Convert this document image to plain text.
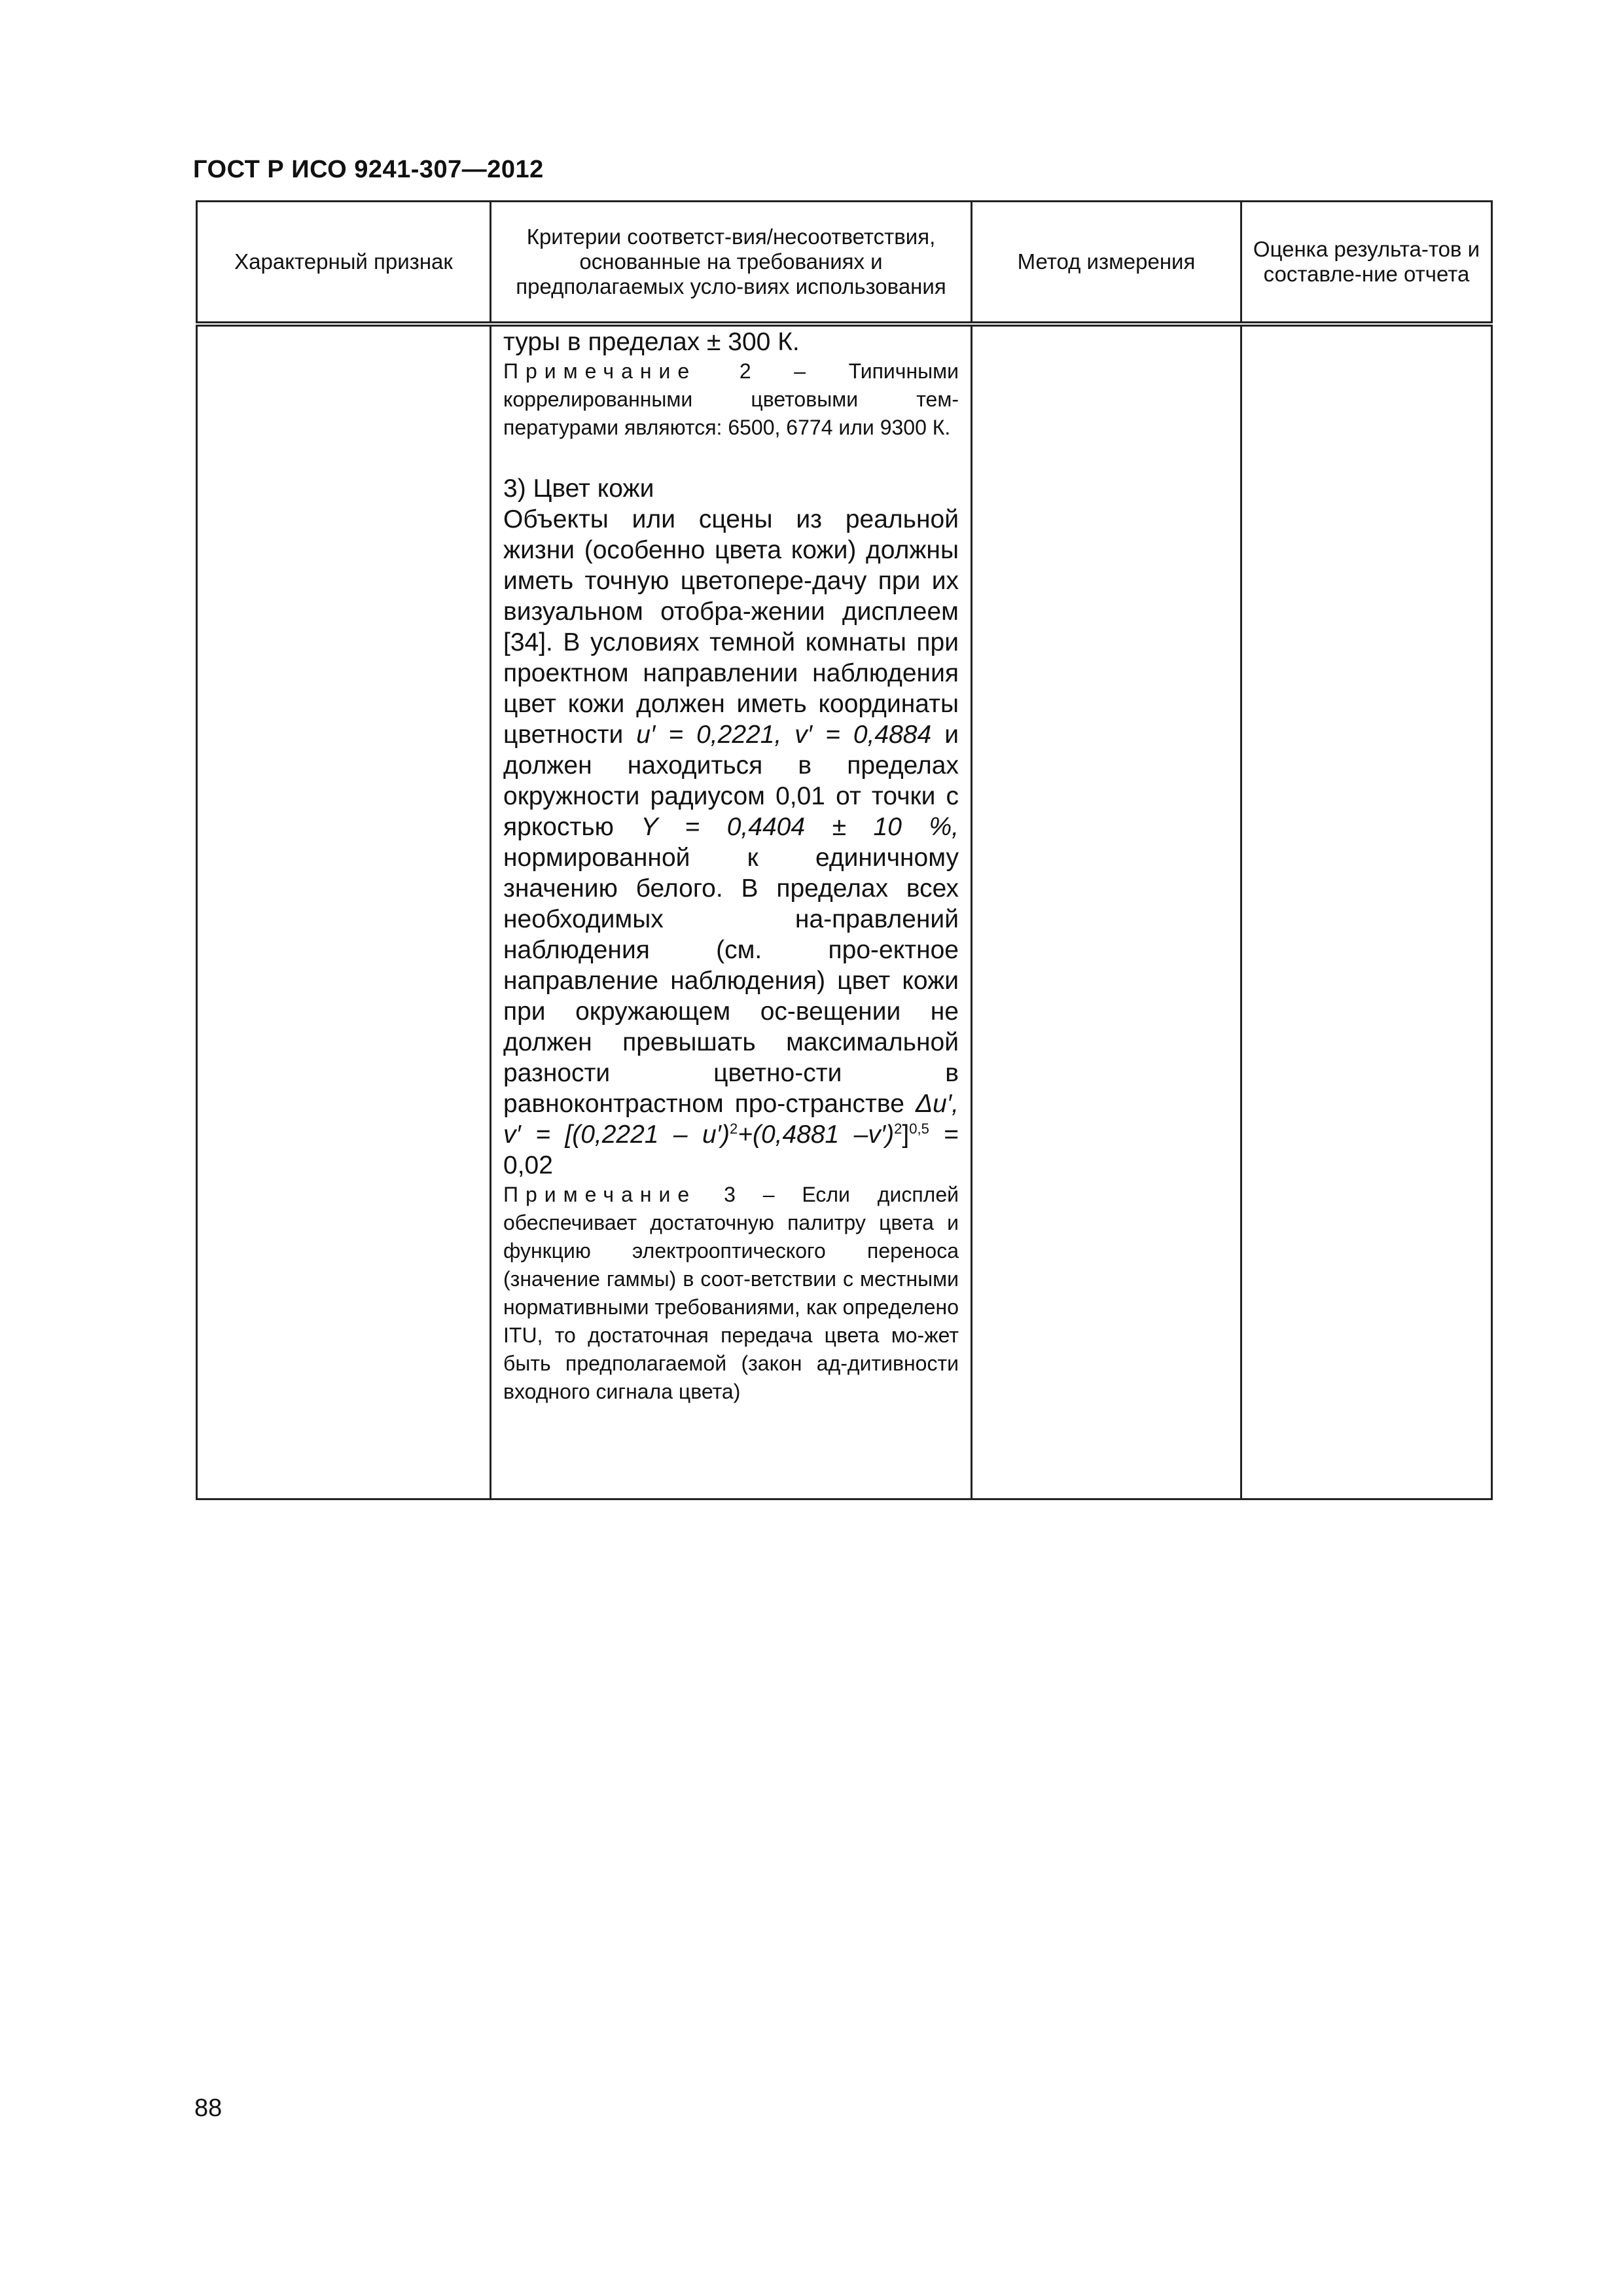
ГОСТ Р ИСО 9241-307—2012
Характерный признак	Критерии соответст-вия/несоответствия, основанные на требованиях и предполагаемых усло-виях использования	Метод измерения	Оценка результа-тов и составле-ние отчета

	туры в пределах ± 300 К.

Примечание 2 – Типичными коррелированными цветовыми тем-пературами являются: 6500, 6774 или 9300 К.

3) Цвет кожи

Объекты или сцены из реальной жизни (особенно цвета кожи) должны иметь точную цветопере-дачу при их визуальном отобра-жении дисплеем [34]. В условиях темной комнаты при проектном направлении наблюдения цвет кожи должен иметь координаты цветности u′ = 0,2221, v′ = 0,4884 и должен находиться в пределах окружности радиусом 0,01 от точки с яркостью Y = 0,4404 ± 10 %, нормированной к единичному значению белого. В пределах всех необходимых на-правлений наблюдения (см. про-ектное направление наблюдения) цвет кожи при окружающем ос-вещении не должен превышать максимальной разности цветно-сти в равноконтрастном про-странстве Δu′, v′ = [(0,2221 – u′)$^2$+(0,4881 –v′)$^2$]$^{0,5}$ = 0,02

Примечание 3 – Если дисплей обеспечивает достаточную палитру цвета и функцию электрооптического переноса (значение гаммы) в соот-ветствии с местными нормативными требованиями, как определено ITU, то достаточная передача цвета мо-жет быть предполагаемой (закон ад-дитивности входного сигнала цвета)		

88
